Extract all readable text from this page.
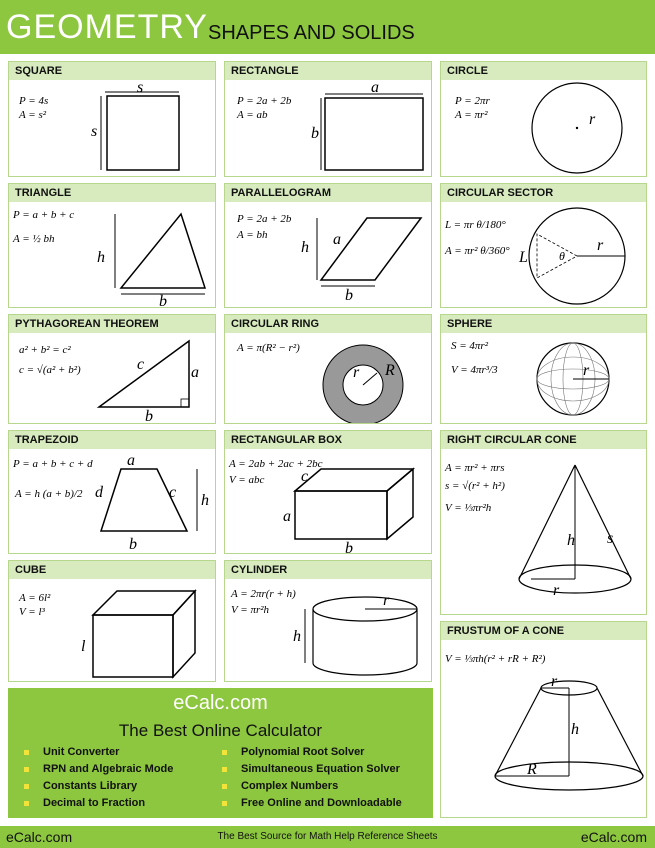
GEOMETRY SHAPES AND SOLIDS
SQUARE
P = 4s
A = s²
s
s
RECTANGLE
P = 2a + 2b
A = ab
a
b
CIRCLE
P = 2πr
A = πr²	r
TRIANGLE
P = a + b + c
A = ½ bh
h
b
PARALLELOGRAM
P = 2a + 2b
A = bh
h a
b
CIRCULAR SECTOR
L = πr θ/180°
A = πr² θ/360° L	θ
r
PYTHAGOREAN THEOREM
a² + b² = c²
c = √(a² + b²)	c	a
b
CIRCULAR RING
A = π(R² − r²)
r R
SPHERE
S = 4πr²
V = 4πr³/3	r
TRAPEZOID
P = a + b + c + d
A = h (a + b)/2
a
d	c h
b
RECTANGULAR BOX
A = 2ab + 2ac + 2bc
V = abc c
a
b
RIGHT CIRCULAR CONE
A = πr² + πrs
s = √(r² + h²)
V = ⅓πr²h
h s
r
CUBE
A = 6l²
V = l³
l
CYLINDER
A = 2πr(r + h)
V = πr²h
r
h	FRUSTUM OF A CONE
V = ⅓πh(r² + rR + R²)
r
h
R
eCalc.com
The Best Online Calculator
Unit Converter
RPN and Algebraic Mode
Constants Library
Decimal to Fraction
Polynomial Root Solver
Simultaneous Equation Solver
Complex Numbers
Free Online and Downloadable
eCalc.com	The Best Source for Math Help Reference Sheets	eCalc.com
